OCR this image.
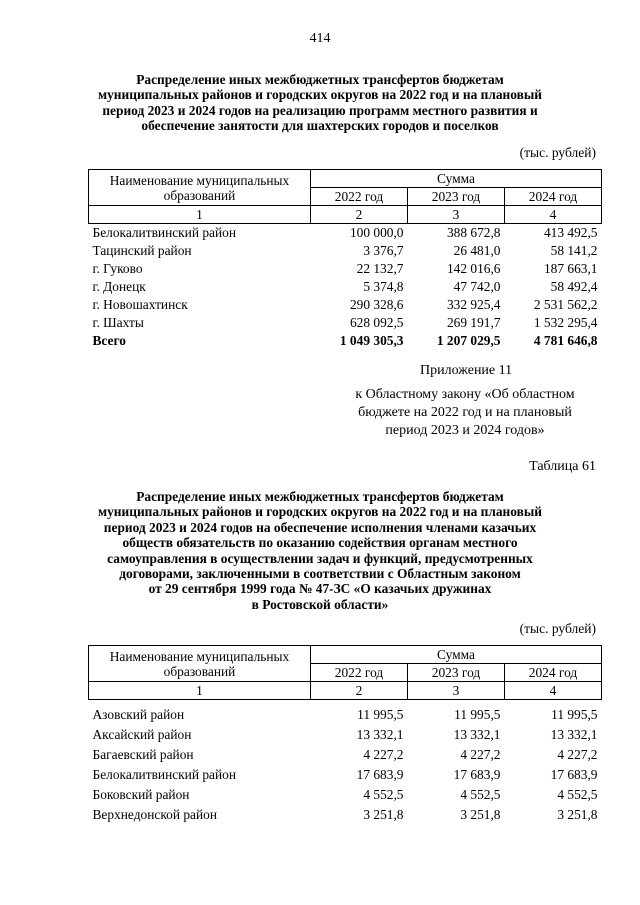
414
Распределение иных межбюджетных трансфертов бюджетам
муниципальных районов и городских округов на 2022 год и на плановый
период 2023 и 2024 годов на реализацию программ местного развития и
обеспечение занятости для шахтерских городов и поселков
(тыс. рублей)
Наименование муниципальных образований	Сумма		
	2022 год	2023 год	2024 год
1	2	3	4
Белокалитвинский район	100 000,0	388 672,8	413 492,5
Тацинский район	3 376,7	26 481,0	58 141,2
г. Гуково	22 132,7	142 016,6	187 663,1
г. Донецк	5 374,8	47 742,0	58 492,4
г. Новошахтинск	290 328,6	332 925,4	2 531 562,2
г. Шахты	628 092,5	269 191,7	1 532 295,4
Всего	1 049 305,3	1 207 029,5	4 781 646,8
Приложение 11
к Областному закону «Об областном
бюджете на 2022 год и на плановый
период 2023 и 2024 годов»
Таблица 61
Распределение иных межбюджетных трансфертов бюджетам
муниципальных районов и городских округов на 2022 год и на плановый
период 2023 и 2024 годов на обеспечение исполнения членами казачьих
обществ обязательств по оказанию содействия органам местного
самоуправления в осуществлении задач и функций, предусмотренных
договорами, заключенными в соответствии с Областным законом
от 29 сентября 1999 года № 47-ЗС «О казачьих дружинах
в Ростовской области»
(тыс. рублей)
Наименование муниципальных образований	Сумма		
	2022 год	2023 год	2024 год
1	2	3	4

Азовский район	11 995,5	11 995,5	11 995,5
Аксайский район	13 332,1	13 332,1	13 332,1
Багаевский район	4 227,2	4 227,2	4 227,2
Белокалитвинский район	17 683,9	17 683,9	17 683,9
Боковский район	4 552,5	4 552,5	4 552,5
Верхнедонской район	3 251,8	3 251,8	3 251,8
